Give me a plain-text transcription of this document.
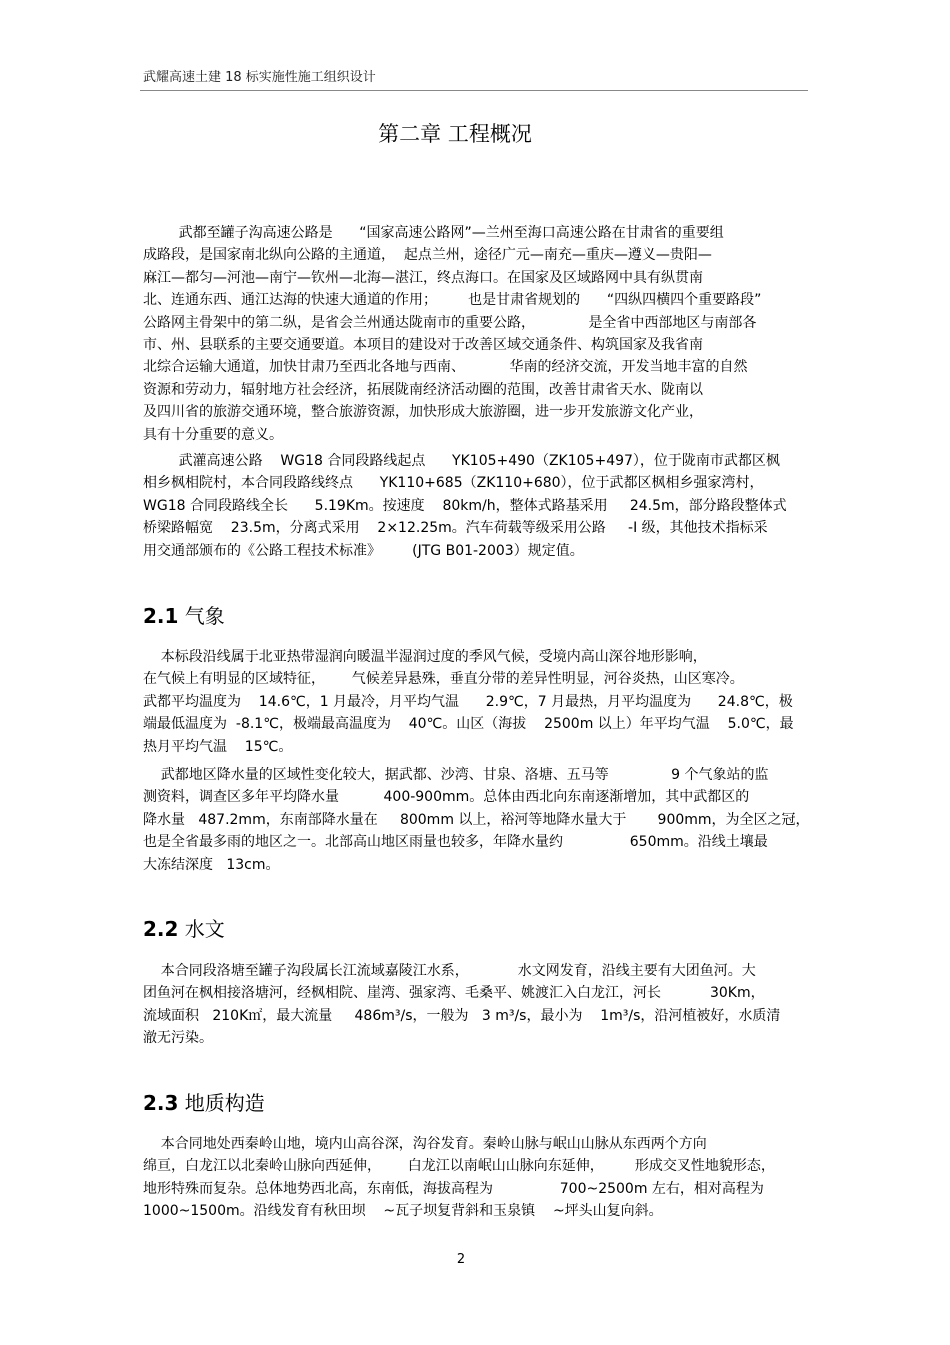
武耀高速土建 18 标实施性施工组织设计
第二章 工程概况
武都至罐子沟高速公路是      “国家高速公路网”—兰州至海口高速公路在甘肃省的重要组
成路段，是国家南北纵向公路的主通道，  起点兰州，途径广元—南充—重庆—遵义—贵阳—
麻江—都匀—河池—南宁—钦州—北海—湛江，终点海口。在国家及区域路网中具有纵贯南
北、连通东西、通江达海的快速大通道的作用；       也是甘肃省规划的      “四纵四横四个重要路段”
公路网主骨架中的第二纵，是省会兰州通达陇南市的重要公路，            是全省中西部地区与南部各
市、州、县联系的主要交通要道。本项目的建设对于改善区域交通条件、构筑国家及我省南
北综合运输大通道，加快甘肃乃至西北各地与西南、          华南的经济交流，开发当地丰富的自然
资源和劳动力，辐射地方社会经济，拓展陇南经济活动圈的范围，改善甘肃省天水、陇南以
及四川省的旅游交通环境，整合旅游资源，加快形成大旅游圈，进一步开发旅游文化产业，
具有十分重要的意义。
武灌高速公路    WG18 合同段路线起点      YK105+490（ZK105+497），位于陇南市武都区枫
相乡枫相院村，本合同段路线终点      YK110+685（ZK110+680），位于武都区枫相乡强家湾村，
WG18 合同段路线全长      5.19Km。按速度    80km/h，整体式路基采用     24.5m，部分路段整体式
桥梁路幅宽    23.5m，分离式采用    2×12.25m。汽车荷载等级采用公路     -I 级，其他技术指标采
用交通部颁布的《公路工程技术标准》       (JTG B01-2003）规定值。
2.1 气象
本标段沿线属于北亚热带湿润向暖温半湿润过度的季风气候，受境内高山深谷地形影响，
在气候上有明显的区域特征，      气候差异悬殊，垂直分带的差异性明显，河谷炎热，山区寒冷。
武都平均温度为    14.6℃，1 月最冷，月平均气温      2.9℃，7 月最热，月平均温度为      24.8℃，极
端最低温度为  -8.1℃，极端最高温度为    40℃。山区（海拔    2500m 以上）年平均气温    5.0℃，最
热月平均气温    15℃。
武都地区降水量的区域性变化较大，据武都、沙湾、甘泉、洛塘、五马等              9 个气象站的监
测资料，调查区多年平均降水量          400-900mm。总体由西北向东南逐渐增加，其中武都区的
降水量   487.2mm，东南部降水量在     800mm 以上，裕河等地降水量大于       900mm，为全区之冠，
也是全省最多雨的地区之一。北部高山地区雨量也较多，年降水量约               650mm。沿线土壤最
大冻结深度   13cm。
2.2 水文
本合同段洛塘至罐子沟段属长江流域嘉陵江水系，           水文网发育，沿线主要有大团鱼河。大
团鱼河在枫相接洛塘河，经枫相院、崖湾、强家湾、毛桑平、姚渡汇入白龙江，河长           30Km，
流域面积   210K㎡，最大流量     486m³/s，一般为   3 m³/s，最小为    1m³/s，沿河植被好，水质清
澈无污染。
2.3 地质构造
本合同地处西秦岭山地，境内山高谷深，沟谷发育。秦岭山脉与岷山山脉从东西两个方向
绵亘，白龙江以北秦岭山脉向西延伸，      白龙江以南岷山山脉向东延伸，       形成交叉性地貌形态，
地形特殊而复杂。总体地势西北高，东南低，海拔高程为               700~2500m 左右，相对高程为
1000~1500m。沿线发育有秋田坝    ~瓦子坝复背斜和玉泉镇    ~坪头山复向斜。
2
